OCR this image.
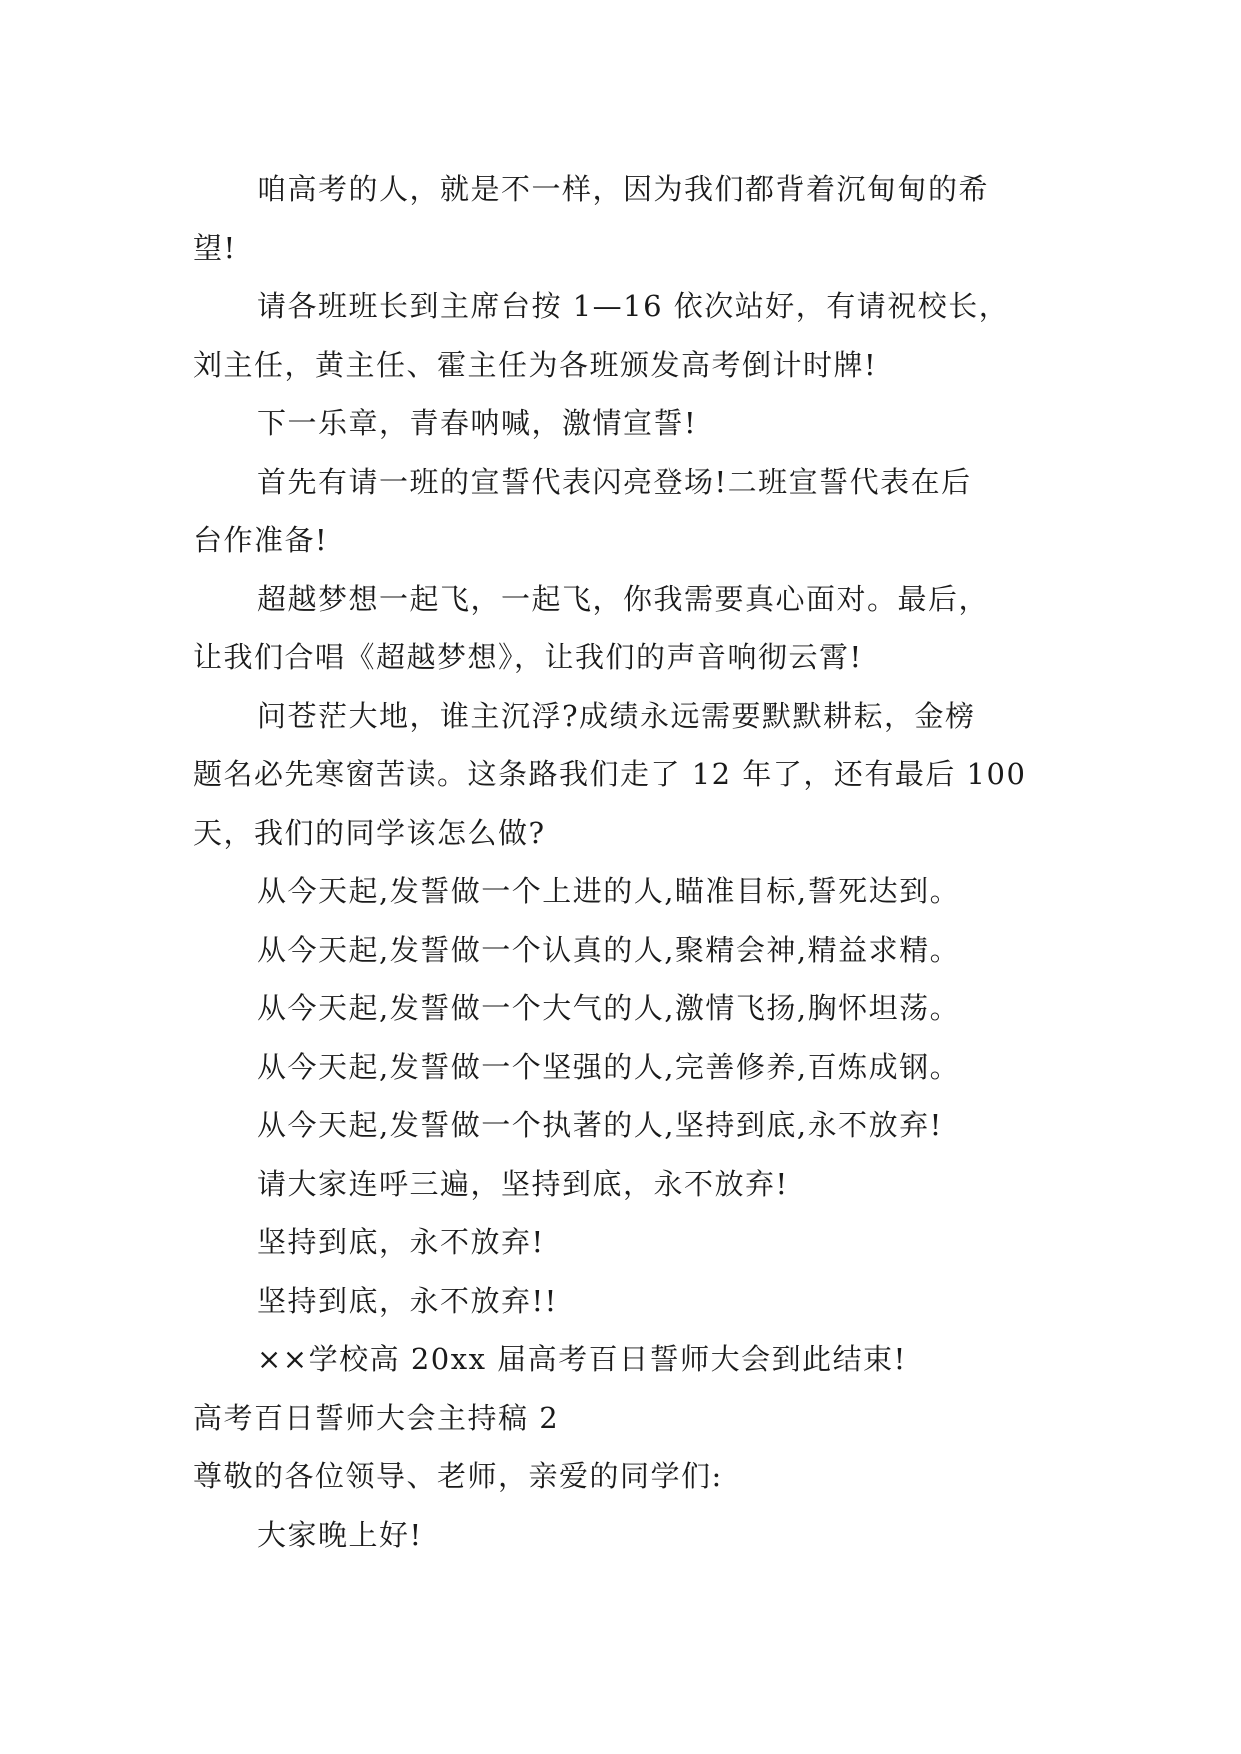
咱高考的人，就是不一样，因为我们都背着沉甸甸的希

望!

请各班班长到主席台按 1—16 依次站好，有请祝校长，

刘主任，黄主任、霍主任为各班颁发高考倒计时牌!

下一乐章，青春呐喊，激情宣誓!

首先有请一班的宣誓代表闪亮登场!二班宣誓代表在后

台作准备!

超越梦想一起飞，一起飞，你我需要真心面对。最后，

让我们合唱《超越梦想》，让我们的声音响彻云霄!

问苍茫大地，谁主沉浮?成绩永远需要默默耕耘，金榜

题名必先寒窗苦读。这条路我们走了 12 年了，还有最后 100

天，我们的同学该怎么做?

从今天起,发誓做一个上进的人,瞄准目标,誓死达到。

从今天起,发誓做一个认真的人,聚精会神,精益求精。

从今天起,发誓做一个大气的人,激情飞扬,胸怀坦荡。

从今天起,发誓做一个坚强的人,完善修养,百炼成钢。

从今天起,发誓做一个执著的人,坚持到底,永不放弃!

请大家连呼三遍，坚持到底，永不放弃!

坚持到底，永不放弃!

坚持到底，永不放弃!!

××学校高 20xx 届高考百日誓师大会到此结束!

高考百日誓师大会主持稿 2

尊敬的各位领导、老师，亲爱的同学们:

大家晚上好!
